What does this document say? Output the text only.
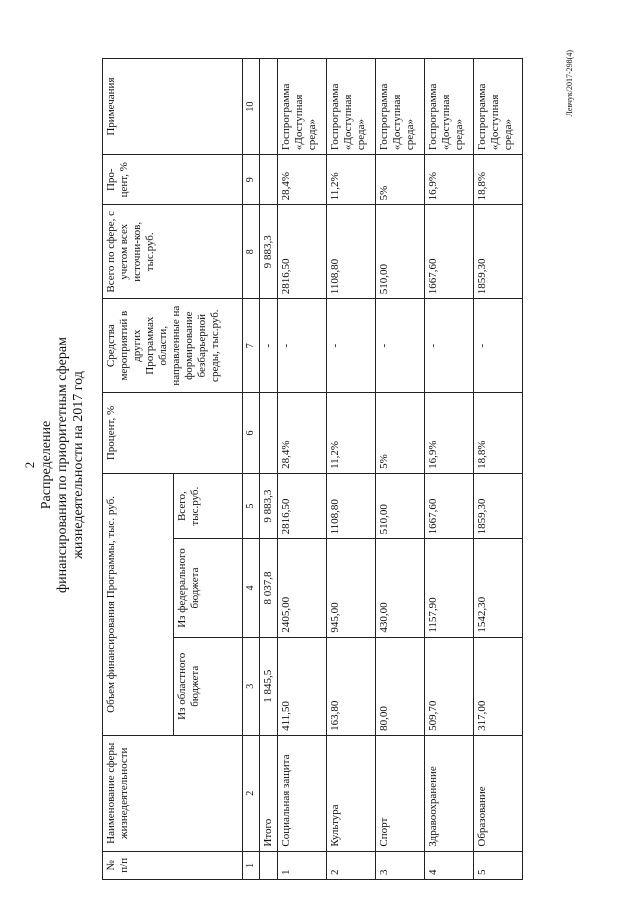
2 Распределение финансирования по приоритетным сферам жизнедеятельности на 2017 год
№ п/п	Наименование сферы жизнедеятельности	Объем финансирования Программы, тыс. руб.			Процент, %	Средства мероприятий в других Программах области, направленные на формирование безбарьерной среды, тыс.руб.	Всего по сфере, с учетом всех источни-ков, тыс.руб.	Про-цент, %	Примечания
		Из областного бюджета	Из федерального бюджета	Всего, тыс.руб.					
1	2	3	4	5	6	7	8	9	10
	Итого	1 845,5	8 037,8	9 883,3		-	9 883,3		
1	Социальная защита	411,50	2405,00	2816,50	28,4%	-	2816,50	28,4%	Госпрограмма «Доступная среда»
2	Культура	163,80	945,00	1108,80	11,2%	-	1108,80	11,2%	Госпрограмма «Доступная среда»
3	Спорт	80,00	430,00	510,00	5%	-	510,00	5%	Госпрограмма «Доступная среда»
4	Здравоохранение	509,70	1157,90	1667,60	16,9%	-	1667,60	16,9%	Госпрограмма «Доступная среда»
5	Образование	317,00	1542,30	1859,30	18,8%	-	1859,30	18,8%	Госпрограмма «Доступная среда»
Левчук/2017-298(4)
